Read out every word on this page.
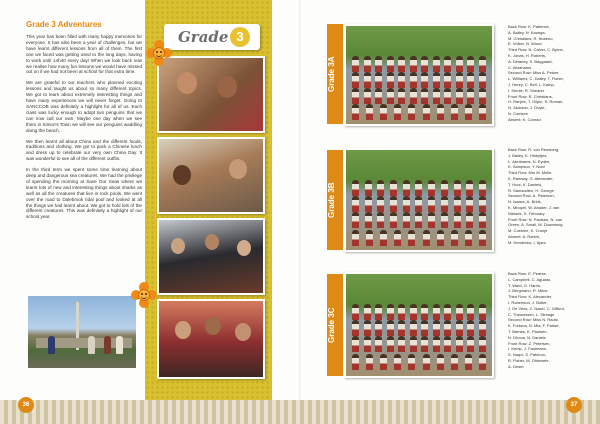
Grade 3 Adventures

This year has been filled with many happy memories for everyone. It has also been a year of challenges, but we have learnt different lessons from all of them. The first one we faced was getting used to the long days, having to work until 14h40 every day! When we look back now we realise how many fun lessons we would have missed out on if we had not been at school for that extra time.

We are grateful to our teachers who planned exciting lessons and taught us about so many different topics. We got to learn about extremely interesting things and have many experiences we will never forget. Going to SANCCOB was definitely a highlight for all of us. Each class was lucky enough to adopt two penguins that we can now call our own. Maybe one day when we see them in Simon's Town we will see our penguins waddling along the beach.

We then learnt all about China and the different foods, traditions and clothing. We got to pack a Chinese lunch and dress up to celebrate our very own China Day. It was wonderful to see all of the different outfits.

In the third term we spent some time learning about deep and dangerous sea creatures. We had the privilege of spending the morning at Save Our Seas where we learnt lots of new and interesting things about sharks as well as all the creatures that live in rock pools. We went over the road to Dalebrook tidal pool and looked at all the things we had learnt about. We got to hold lots of the different creatures. This was definitely a highlight of our school year.

Grade 3
Grade 3A
Back Row: K. Patience,
A. Bailey, N. Kaunga,
M. Christians, R. Nusenu,
E. Volker, N. Wood
Third Row: N. Calver, C. Byrne,
K. Jonas, H. Roberts,
A. Delaney, S. Baygaard,
C. Abrahams
Second Row: Miss A. Petzer,
L. Williams, C. Dailey, T. Fisher,
J. Henry, C. Bell, L. Kamp,
I. Smuts, R. Shearer
Front Row: R. Christians,
H. Ranjee, T. Gilpin, K. Roman,
N. Jackson, J. Doyle,
N. Coetzee
Absent: K. Conrad
Grade 3B
Back Row: R. van Rensberg,
J. Bailey, K. Hildrytjes,
L. Abrahams, N. Eyden,
K. Sampson, Y. Noor
Third Row: Mrs M. Meile,
K. Ramsay, G. Alexander,
T. Hoot, K. Daniels,
R. Samsodien, H. George
Second Row: A. Paterson,
N. Isaacs, A. Brink,
K. Mbopel, W. Abader, J. van
Niekerk, S. February
Front Row: N. Paulsen, N. van
Green, A. Small, M. Dlowmedy,
M. Coetzee, K. Cronje
Absent: A. Rahim,
M. Hendricks, I. Ajam
Grade 3C
Back Row: E. Pearse,
L. Campbell, C. Agulato,
T. Ward, G. Harris,
J. Bergmann, R. Milne
Third Row: K. Alexander,
I. Robertson, J. Butler,
J. De Vries, Z. Nasel, C. Gifford,
C. Theunissen, L. Strange
Second Row: Miss N. Rautz,
K. Fortuna, N. Mia, F. Parker,
T. Barnes, K. Paulsen,
N. Dhooa, N. Daniels
Front Row: Z. Petersen,
I. Kemp, J. Faulmann,
S. Naqvi, S. Patchoo,
R. Fisher, M. Ohlewele,
A. Geser
36	37
